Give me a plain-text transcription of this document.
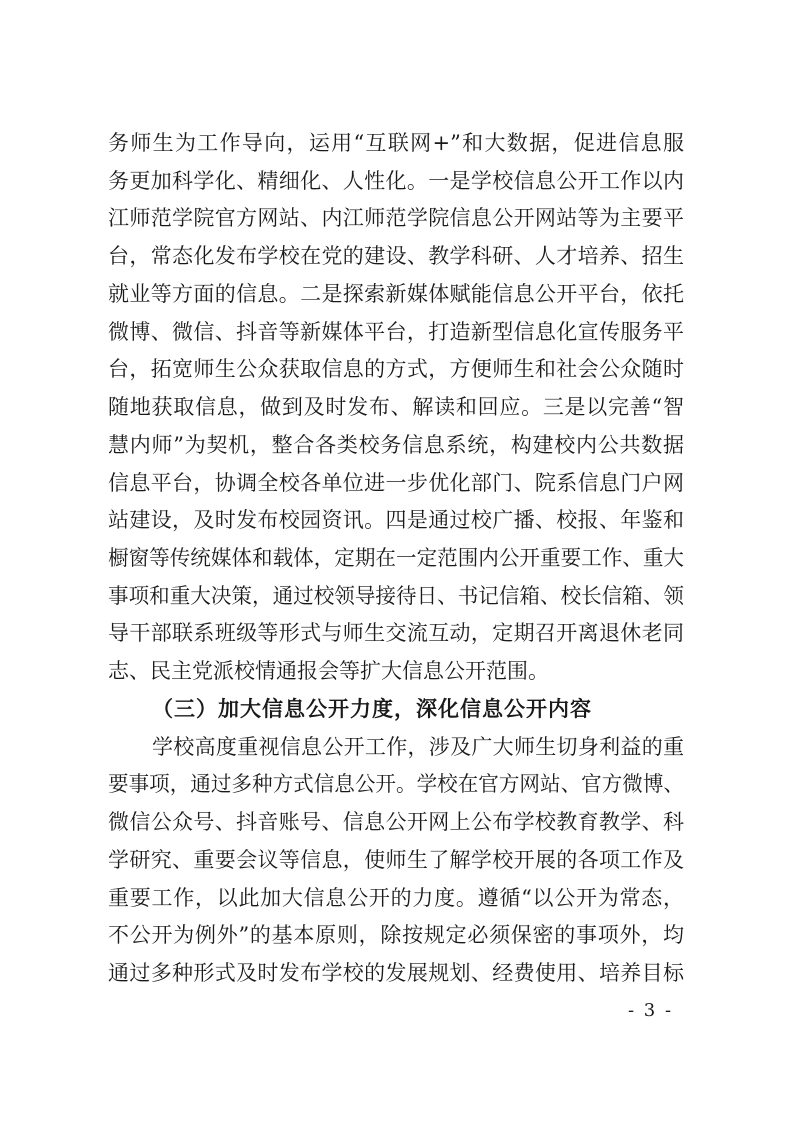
务师生为工作导向，运用“互联网+”和大数据，促进信息服
务更加科学化、精细化、人性化。一是学校信息公开工作以内
江师范学院官方网站、内江师范学院信息公开网站等为主要平
台，常态化发布学校在党的建设、教学科研、人才培养、招生
就业等方面的信息。二是探索新媒体赋能信息公开平台，依托
微博、微信、抖音等新媒体平台，打造新型信息化宣传服务平
台，拓宽师生公众获取信息的方式，方便师生和社会公众随时
随地获取信息，做到及时发布、解读和回应。三是以完善“智
慧内师”为契机，整合各类校务信息系统，构建校内公共数据
信息平台，协调全校各单位进一步优化部门、院系信息门户网
站建设，及时发布校园资讯。四是通过校广播、校报、年鉴和
橱窗等传统媒体和载体，定期在一定范围内公开重要工作、重大
事项和重大决策，通过校领导接待日、书记信箱、校长信箱、领
导干部联系班级等形式与师生交流互动，定期召开离退休老同
志、民主党派校情通报会等扩大信息公开范围。
（三）加大信息公开力度，深化信息公开内容
学校高度重视信息公开工作，涉及广大师生切身利益的重
要事项，通过多种方式信息公开。学校在官方网站、官方微博、
微信公众号、抖音账号、信息公开网上公布学校教育教学、科
学研究、重要会议等信息，使师生了解学校开展的各项工作及
重要工作，以此加大信息公开的力度。遵循“以公开为常态，
不公开为例外”的基本原则，除按规定必须保密的事项外，均
通过多种形式及时发布学校的发展规划、经费使用、培养目标
- 3 -
